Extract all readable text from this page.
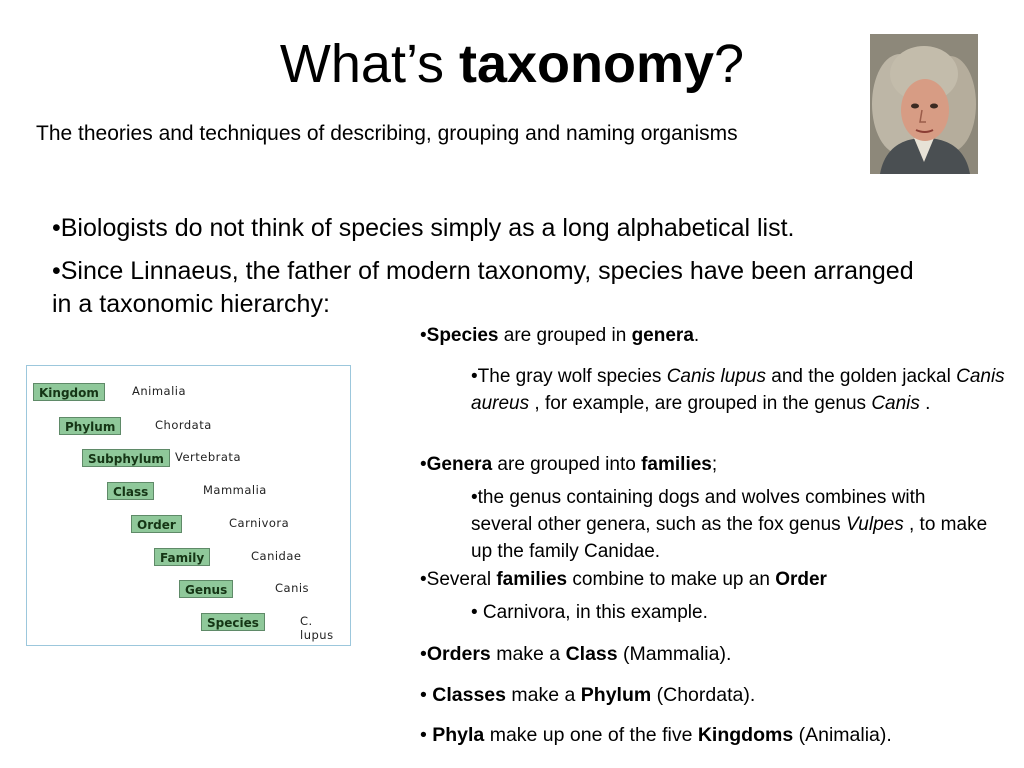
What’s taxonomy?
The theories and techniques of describing, grouping and naming organisms
•Biologists do not think of species simply as a long alphabetical list.
•Since Linnaeus, the father of modern taxonomy, species have been arranged in a taxonomic hierarchy:
Kingdom	Animalia
Phylum	Chordata
Subphylum Vertebrata
Class	Mammalia
Order	Carnivora
Family	Canidae
Genus	Canis
Species	C. lupus
•Species are grouped in genera.
•The gray wolf species Canis lupus and the golden jackal Canis aureus , for example, are grouped in the genus Canis .
•Genera are grouped into families;
•the genus containing dogs and wolves combines with several other genera, such as the fox genus Vulpes , to make up the family Canidae.
•Several families combine to make up an Order
• Carnivora, in this example.
•Orders make a Class (Mammalia).
• Classes make a Phylum (Chordata).
• Phyla make up one of the five Kingdoms (Animalia).
